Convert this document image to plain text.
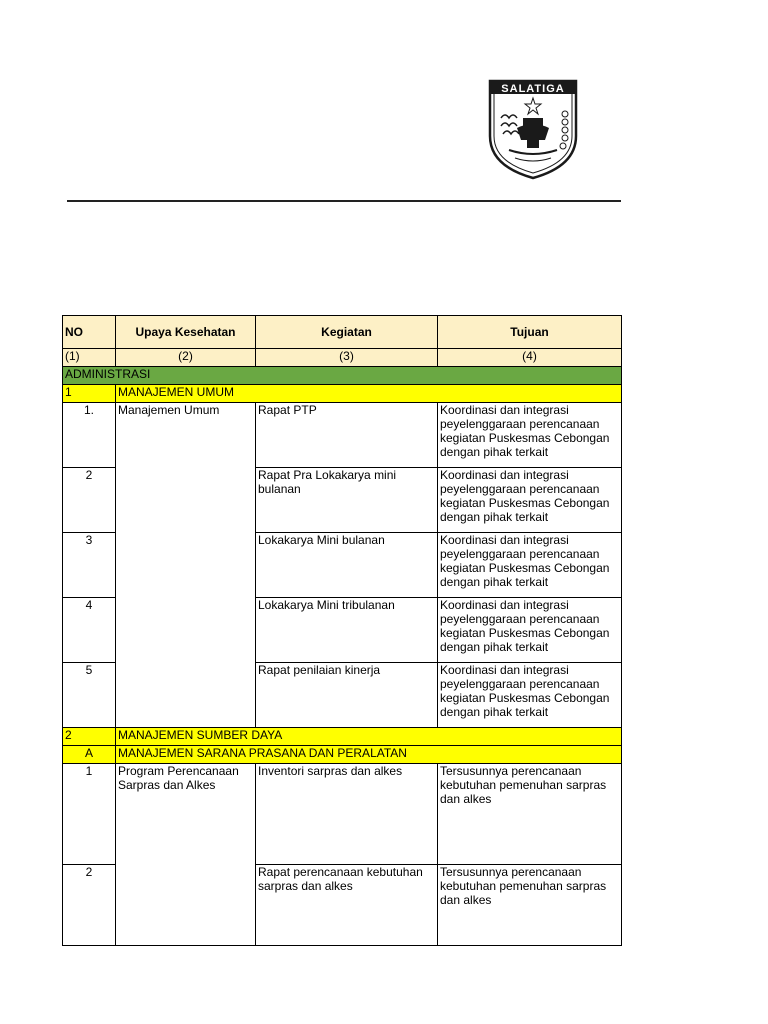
SALATIGA
NO	Upaya Kesehatan	Kegiatan	Tujuan
(1)	(2)	(3)	(4)
ADMINISTRASI			
1	MANAJEMEN UMUM		
1.	Manajemen Umum	Rapat PTP	Koordinasi dan integrasi peyelenggaraan perencanaan kegiatan Puskesmas Cebongan dengan pihak terkait
2		Rapat Pra Lokakarya mini bulanan	Koordinasi dan integrasi peyelenggaraan perencanaan kegiatan Puskesmas Cebongan dengan pihak terkait
3		Lokakarya Mini bulanan	Koordinasi dan integrasi peyelenggaraan perencanaan kegiatan Puskesmas Cebongan dengan pihak terkait
4		Lokakarya Mini tribulanan	Koordinasi dan integrasi peyelenggaraan perencanaan kegiatan Puskesmas Cebongan dengan pihak terkait
5		Rapat penilaian kinerja	Koordinasi dan integrasi peyelenggaraan perencanaan kegiatan Puskesmas Cebongan dengan pihak terkait
2	MANAJEMEN SUMBER DAYA		
A	MANAJEMEN SARANA PRASANA DAN PERALATAN		
1	Program Perencanaan Sarpras dan Alkes	Inventori sarpras dan alkes	Tersusunnya perencanaan kebutuhan pemenuhan sarpras dan alkes
2		Rapat perencanaan kebutuhan sarpras dan alkes	Tersusunnya perencanaan kebutuhan pemenuhan sarpras dan alkes
